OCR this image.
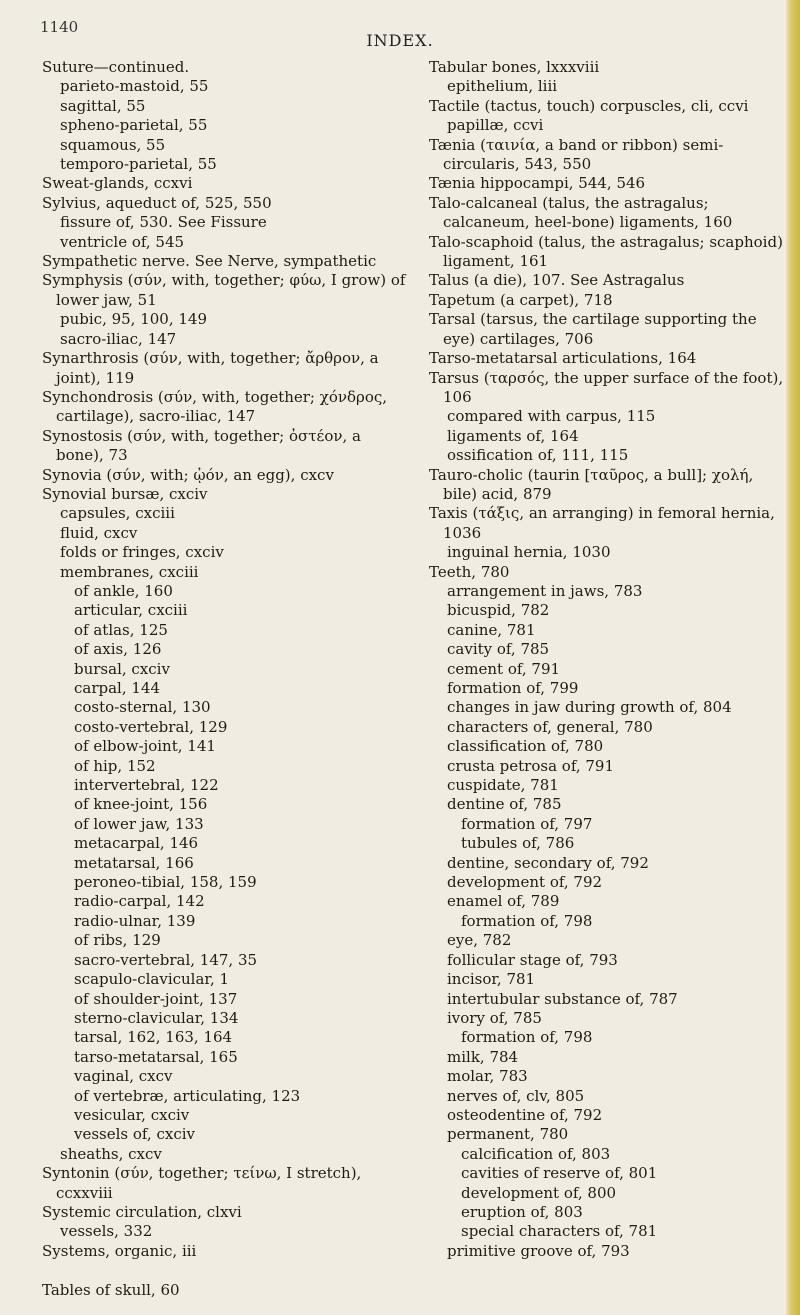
1140
INDEX.

Suture—continued.

parieto-mastoid, 55

sagittal, 55

spheno-parietal, 55

squamous, 55

temporo-parietal, 55

Sweat-glands, ccxvi

Sylvius, aqueduct of, 525, 550

fissure of, 530. See Fissure

ventricle of, 545

Sympathetic nerve. See Nerve, sympathetic

Symphysis (σύν, with, together; φύω, I grow) of lower jaw, 51

pubic, 95, 100, 149

sacro-iliac, 147

Synarthrosis (σύν, with, together; ἄρθρον, a joint), 119

Synchondrosis (σύν, with, together; χόνδρος, cartilage), sacro-iliac, 147

Synostosis (σύν, with, together; ὀστέον, a bone), 73

Synovia (σύν, with; ᾠόν, an egg), cxcv

Synovial bursæ, cxciv

capsules, cxciii

fluid, cxcv

folds or fringes, cxciv

membranes, cxciii

of ankle, 160

articular, cxciii

of atlas, 125

of axis, 126

bursal, cxciv

carpal, 144

costo-sternal, 130

costo-vertebral, 129

of elbow-joint, 141

of hip, 152

intervertebral, 122

of knee-joint, 156

of lower jaw, 133

metacarpal, 146

metatarsal, 166

peroneo-tibial, 158, 159

radio-carpal, 142

radio-ulnar, 139

of ribs, 129

sacro-vertebral, 147, 35

scapulo-clavicular, 1

of shoulder-joint, 137

sterno-clavicular, 134

tarsal, 162, 163, 164

tarso-metatarsal, 165

vaginal, cxcv

of vertebræ, articulating, 123

vesicular, cxciv

vessels of, cxciv

sheaths, cxcv

Syntonin (σύν, together; τείνω, I stretch), ccxxviii

Systemic circulation, clxvi

vessels, 332

Systems, organic, iii

Tables of skull, 60

Tabular bones, lxxxviii

epithelium, liii

Tactile (tactus, touch) corpuscles, cli, ccvi

papillæ, ccvi

Tænia (ταινία, a band or ribbon) semi-circularis, 543, 550

Tænia hippocampi, 544, 546

Talo-calcaneal (talus, the astragalus; calcaneum, heel-bone) ligaments, 160

Talo-scaphoid (talus, the astragalus; scaphoid) ligament, 161

Talus (a die), 107. See Astragalus

Tapetum (a carpet), 718

Tarsal (tarsus, the cartilage supporting the eye) cartilages, 706

Tarso-metatarsal articulations, 164

Tarsus (ταρσός, the upper surface of the foot), 106

compared with carpus, 115

ligaments of, 164

ossification of, 111, 115

Tauro-cholic (taurin [ταῦρος, a bull]; χολή, bile) acid, 879

Taxis (τάξις, an arranging) in femoral hernia, 1036

inguinal hernia, 1030

Teeth, 780

arrangement in jaws, 783

bicuspid, 782

canine, 781

cavity of, 785

cement of, 791

formation of, 799

changes in jaw during growth of, 804

characters of, general, 780

classification of, 780

crusta petrosa of, 791

cuspidate, 781

dentine of, 785

formation of, 797

tubules of, 786

dentine, secondary of, 792

development of, 792

enamel of, 789

formation of, 798

eye, 782

follicular stage of, 793

incisor, 781

intertubular substance of, 787

ivory of, 785

formation of, 798

milk, 784

molar, 783

nerves of, clv, 805

osteodentine of, 792

permanent, 780

calcification of, 803

cavities of reserve of, 801

development of, 800

eruption of, 803

special characters of, 781

primitive groove of, 793
